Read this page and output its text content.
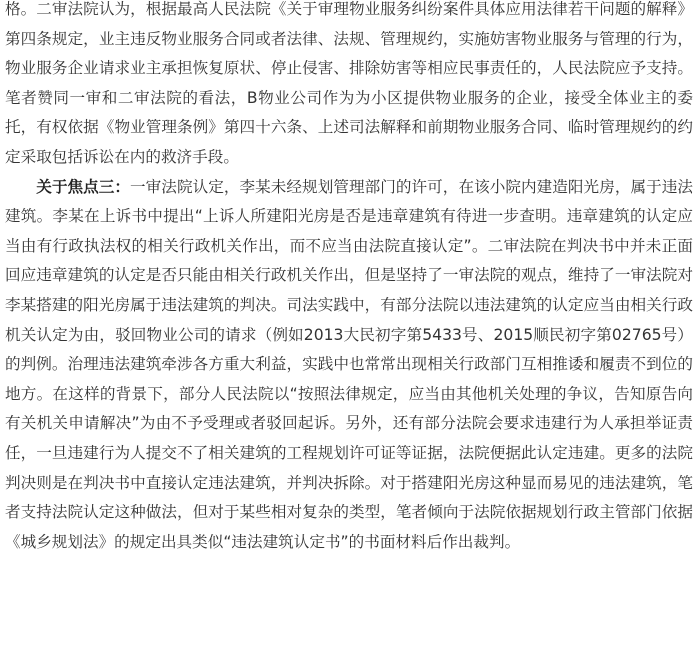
格。二审法院认为，根据最高人民法院《关于审理物业服务纠纷案件具体应用法律若干问题的解释》第四条规定，业主违反物业服务合同或者法律、法规、管理规约，实施妨害物业服务与管理的行为，物业服务企业请求业主承担恢复原状、停止侵害、排除妨害等相应民事责任的，人民法院应予支持。笔者赞同一审和二审法院的看法，B物业公司作为为小区提供物业服务的企业，接受全体业主的委托，有权依据《物业管理条例》第四十六条、上述司法解释和前期物业服务合同、临时管理规约的约定采取包括诉讼在内的救济手段。

关于焦点三：一审法院认定，李某未经规划管理部门的许可，在该小院内建造阳光房，属于违法建筑。李某在上诉书中提出“上诉人所建阳光房是否是违章建筑有待进一步查明。违章建筑的认定应当由有行政执法权的相关行政机关作出，而不应当由法院直接认定”。二审法院在判决书中并未正面回应违章建筑的认定是否只能由相关行政机关作出，但是坚持了一审法院的观点，维持了一审法院对李某搭建的阳光房属于违法建筑的判决。司法实践中，有部分法院以违法建筑的认定应当由相关行政机关认定为由，驳回物业公司的请求（例如2013大民初字第5433号、2015顺民初字第02765号）的判例。治理违法建筑牵涉各方重大利益，实践中也常常出现相关行政部门互相推诿和履责不到位的地方。在这样的背景下，部分人民法院以“按照法律规定，应当由其他机关处理的争议，告知原告向有关机关申请解决”为由不予受理或者驳回起诉。另外，还有部分法院会要求违建行为人承担举证责任，一旦违建行为人提交不了相关建筑的工程规划许可证等证据，法院便据此认定违建。更多的法院判决则是在判决书中直接认定违法建筑，并判决拆除。对于搭建阳光房这种显而易见的违法建筑，笔者支持法院认定这种做法，但对于某些相对复杂的类型，笔者倾向于法院依据规划行政主管部门依据《城乡规划法》的规定出具类似“违法建筑认定书”的书面材料后作出裁判。
